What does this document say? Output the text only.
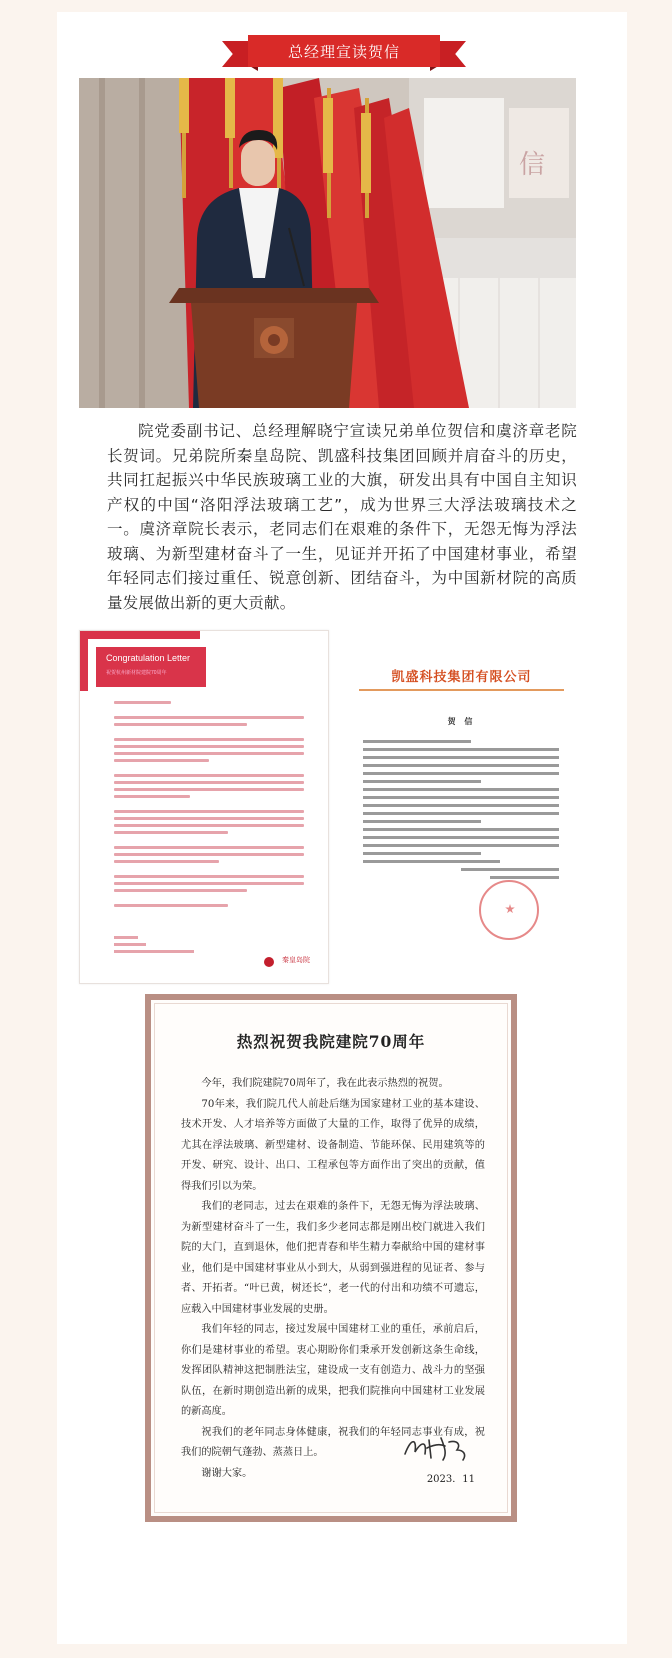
总经理宣读贺信
信

院党委副书记、总经理解晓宁宣读兄弟单位贺信和虞济章老院长贺词。兄弟院所秦皇岛院、凯盛科技集团回顾并肩奋斗的历史，共同扛起振兴中华民族玻璃工业的大旗，研发出具有中国自主知识产权的中国“洛阳浮法玻璃工艺”，成为世界三大浮法玻璃技术之一。虞济章院长表示，老同志们在艰难的条件下，无怨无悔为浮法玻璃、为新型建材奋斗了一生，见证并开拓了中国建材事业，希望年轻同志们接过重任、锐意创新、团结奋斗，为中国新材院的高质量发展做出新的更大贡献。

Congratulation Letter
祝贺杭州新材院建院70周年
秦皇岛院
凯盛科技集团有限公司
贺 信
热烈祝贺我院建院70周年

今年，我们院建院70周年了，我在此表示热烈的祝贺。

70年来，我们院几代人前赴后继为国家建材工业的基本建设、技术开发、人才培养等方面做了大量的工作，取得了优异的成绩，尤其在浮法玻璃、新型建材、设备制造、节能环保、民用建筑等的开发、研究、设计、出口、工程承包等方面作出了突出的贡献，值得我们引以为荣。

我们的老同志，过去在艰难的条件下，无怨无悔为浮法玻璃、为新型建材奋斗了一生，我们多少老同志都是刚出校门就进入我们院的大门，直到退休，他们把青春和毕生精力奉献给中国的建材事业，他们是中国建材事业从小到大，从弱到强进程的见证者、参与者、开拓者。“叶已黄，树还长”，老一代的付出和功绩不可遗忘，应载入中国建材事业发展的史册。

我们年轻的同志，接过发展中国建材工业的重任，承前启后，你们是建材事业的希望。衷心期盼你们秉承开发创新这条生命线，发挥团队精神这把制胜法宝，建设成一支有创造力、战斗力的坚强队伍，在新时期创造出新的成果，把我们院推向中国建材工业发展的新高度。

祝我们的老年同志身体健康，祝我们的年轻同志事业有成，祝我们的院朝气蓬勃、蒸蒸日上。

谢谢大家。

2023．11
